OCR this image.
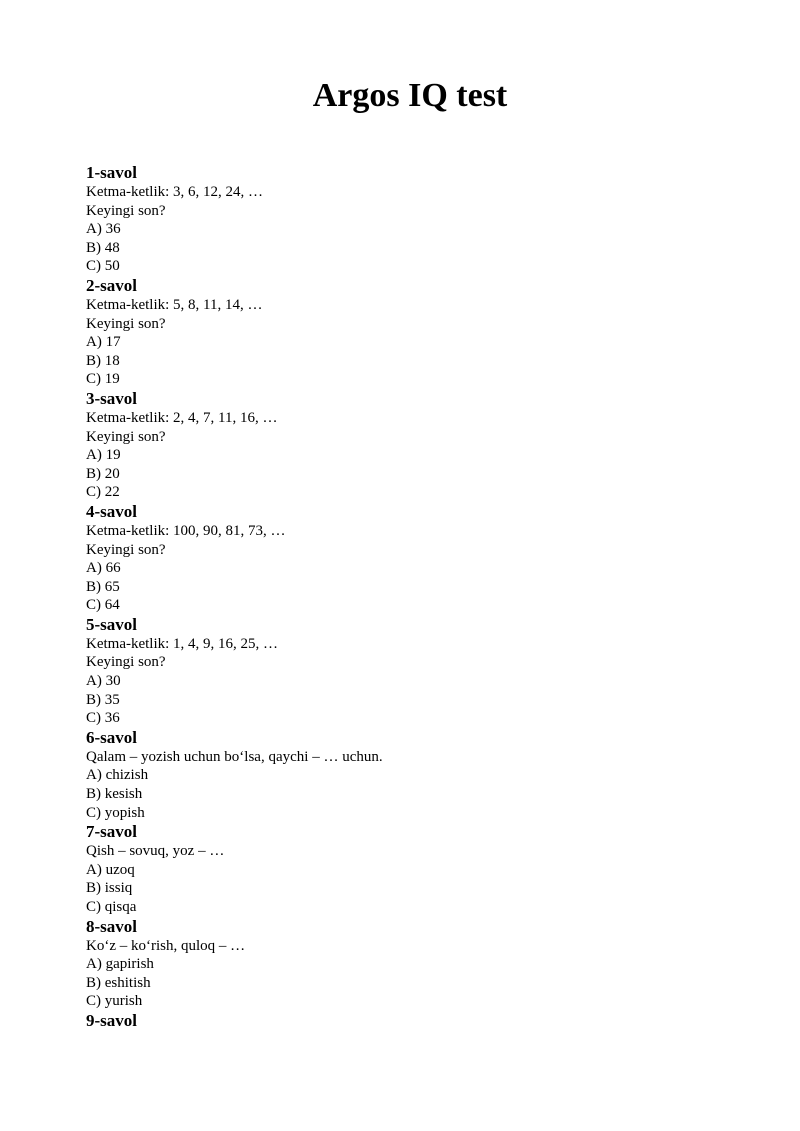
Argos IQ test
1-savol
Ketma-ketlik: 3, 6, 12, 24, …
Keyingi son?
A) 36
B) 48
C) 50
2-savol
Ketma-ketlik: 5, 8, 11, 14, …
Keyingi son?
A) 17
B) 18
C) 19
3-savol
Ketma-ketlik: 2, 4, 7, 11, 16, …
Keyingi son?
A) 19
B) 20
C) 22
4-savol
Ketma-ketlik: 100, 90, 81, 73, …
Keyingi son?
A) 66
B) 65
C) 64
5-savol
Ketma-ketlik: 1, 4, 9, 16, 25, …
Keyingi son?
A) 30
B) 35
C) 36
6-savol
Qalam – yozish uchun bo‘lsa, qaychi – … uchun.
A) chizish
B) kesish
C) yopish
7-savol
Qish – sovuq, yoz – …
A) uzoq
B) issiq
C) qisqa
8-savol
Ko‘z – ko‘rish, quloq – …
A) gapirish
B) eshitish
C) yurish
9-savol
